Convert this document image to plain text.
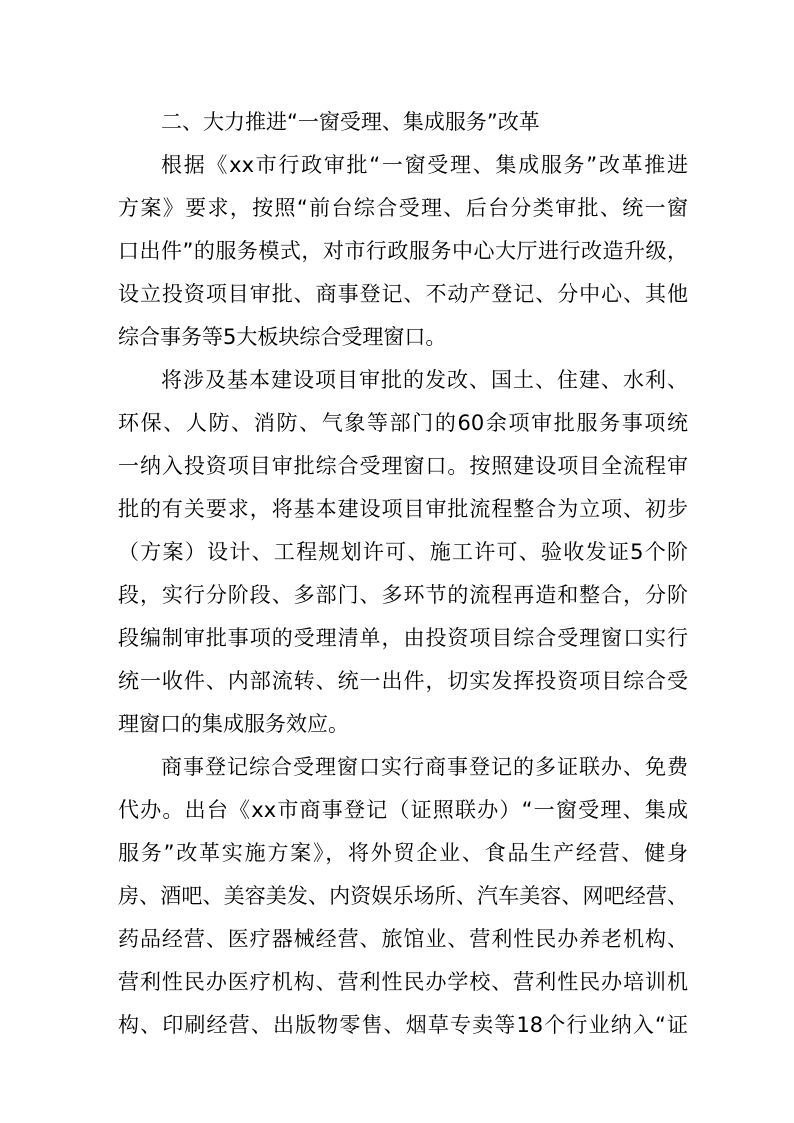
二、大力推进“一窗受理、集成服务”改革
根据《xx市行政审批“一窗受理、集成服务”改革推进
方案》要求，按照“前台综合受理、后台分类审批、统一窗
口出件”的服务模式，对市行政服务中心大厅进行改造升级，
设立投资项目审批、商事登记、不动产登记、分中心、其他
综合事务等5大板块综合受理窗口。
将涉及基本建设项目审批的发改、国土、住建、水利、
环保、人防、消防、气象等部门的60余项审批服务事项统
一纳入投资项目审批综合受理窗口。按照建设项目全流程审
批的有关要求，将基本建设项目审批流程整合为立项、初步
（方案）设计、工程规划许可、施工许可、验收发证5个阶
段，实行分阶段、多部门、多环节的流程再造和整合，分阶
段编制审批事项的受理清单，由投资项目综合受理窗口实行
统一收件、内部流转、统一出件，切实发挥投资项目综合受
理窗口的集成服务效应。
商事登记综合受理窗口实行商事登记的多证联办、免费
代办。出台《xx市商事登记（证照联办）“一窗受理、集成
服务”改革实施方案》，将外贸企业、食品生产经营、健身
房、酒吧、美容美发、内资娱乐场所、汽车美容、网吧经营、
药品经营、医疗器械经营、旅馆业、营利性民办养老机构、
营利性民办医疗机构、营利性民办学校、营利性民办培训机
构、印刷经营、出版物零售、烟草专卖等18个行业纳入“证
